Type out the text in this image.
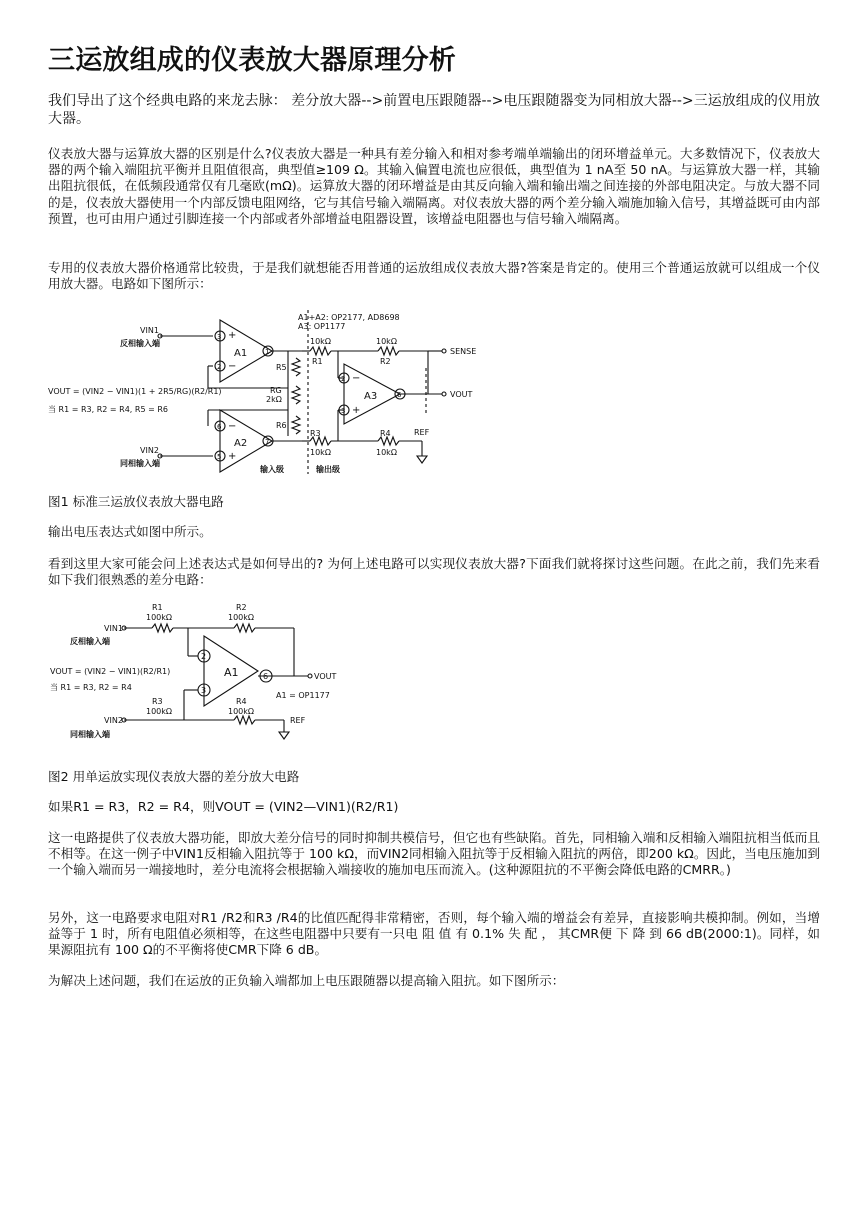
三运放组成的仪表放大器原理分析

我们导出了这个经典电路的来龙去脉： 差分放大器-->前置电压跟随器-->电压跟随器变为同相放大器-->三运放组成的仪用放大器。

仪表放大器与运算放大器的区别是什么?仪表放大器是一种具有差分输入和相对参考端单端输出的闭环增益单元。大多数情况下，仪表放大器的两个输入端阻抗平衡并且阻值很高，典型值≥109 Ω。其输入偏置电流也应很低，典型值为 1 nA至 50 nA。与运算放大器一样，其输出阻抗很低，在低频段通常仅有几毫欧(mΩ)。运算放大器的闭环增益是由其反向输入端和输出端之间连接的外部电阻决定。与放大器不同的是，仪表放大器使用一个内部反馈电阻网络，它与其信号输入端隔离。对仪表放大器的两个差分输入端施加输入信号，其增益既可由内部预置，也可由用户通过引脚连接一个内部或者外部增益电阻器设置，该增益电阻器也与信号输入端隔离。

专用的仪表放大器价格通常比较贵，于是我们就想能否用普通的运放组成仪表放大器?答案是肯定的。使用三个普通运放就可以组成一个仪用放大器。电路如下图所示：

A1+A2: OP2177, AD8698
A3: OP1177
VIN1
反相输入端
VIN2
同相输入端
VOUT = (VIN2 − VIN1)(1 + 2R5/RG)(R2/R1)
当 R1 = R3, R2 = R4, R5 = R6
A1
A2
A3
10kΩ
R1
10kΩ
R2
R3
10kΩ
R4
10kΩ
R5
RG
2kΩ
R6
SENSE
VOUT
REF
输入级	输出级
3
2
1
6
5
7
2
3
6
+
−
−
+
−
+

图1 标准三运放仪表放大器电路

输出电压表达式如图中所示。

看到这里大家可能会问上述表达式是如何导出的? 为何上述电路可以实现仪表放大器?下面我们就将探讨这些问题。在此之前，我们先来看如下我们很熟悉的差分电路：

R1
100kΩ
R2
100kΩ
VIN1
反相输入端
VOUT = (VIN2 − VIN1)(R2/R1)
当 R1 = R3, R2 = R4
R3
100kΩ
R4
100kΩ
VIN2
同相输入端
A1
A1 = OP1177
VOUT
REF
2
3
6

图2 用单运放实现仪表放大器的差分放大电路

如果R1 = R3，R2 = R4，则VOUT = (VIN2—VIN1)(R2/R1)

这一电路提供了仪表放大器功能，即放大差分信号的同时抑制共模信号，但它也有些缺陷。首先，同相输入端和反相输入端阻抗相当低而且不相等。在这一例子中VIN1反相输入阻抗等于 100 kΩ，而VIN2同相输入阻抗等于反相输入阻抗的两倍，即200 kΩ。因此，当电压施加到一个输入端而另一端接地时，差分电流将会根据输入端接收的施加电压而流入。(这种源阻抗的不平衡会降低电路的CMRR。)

另外，这一电路要求电阻对R1 /R2和R3 /R4的比值匹配得非常精密，否则，每个输入端的增益会有差异，直接影响共模抑制。例如，当增益等于 1 时，所有电阻值必须相等，在这些电阻器中只要有一只电 阻 值 有 0.1% 失 配 ， 其CMR便 下 降 到 66 dB(2000:1)。同样，如果源阻抗有 100 Ω的不平衡将使CMR下降 6 dB。

为解决上述问题，我们在运放的正负输入端都加上电压跟随器以提高输入阻抗。如下图所示：
